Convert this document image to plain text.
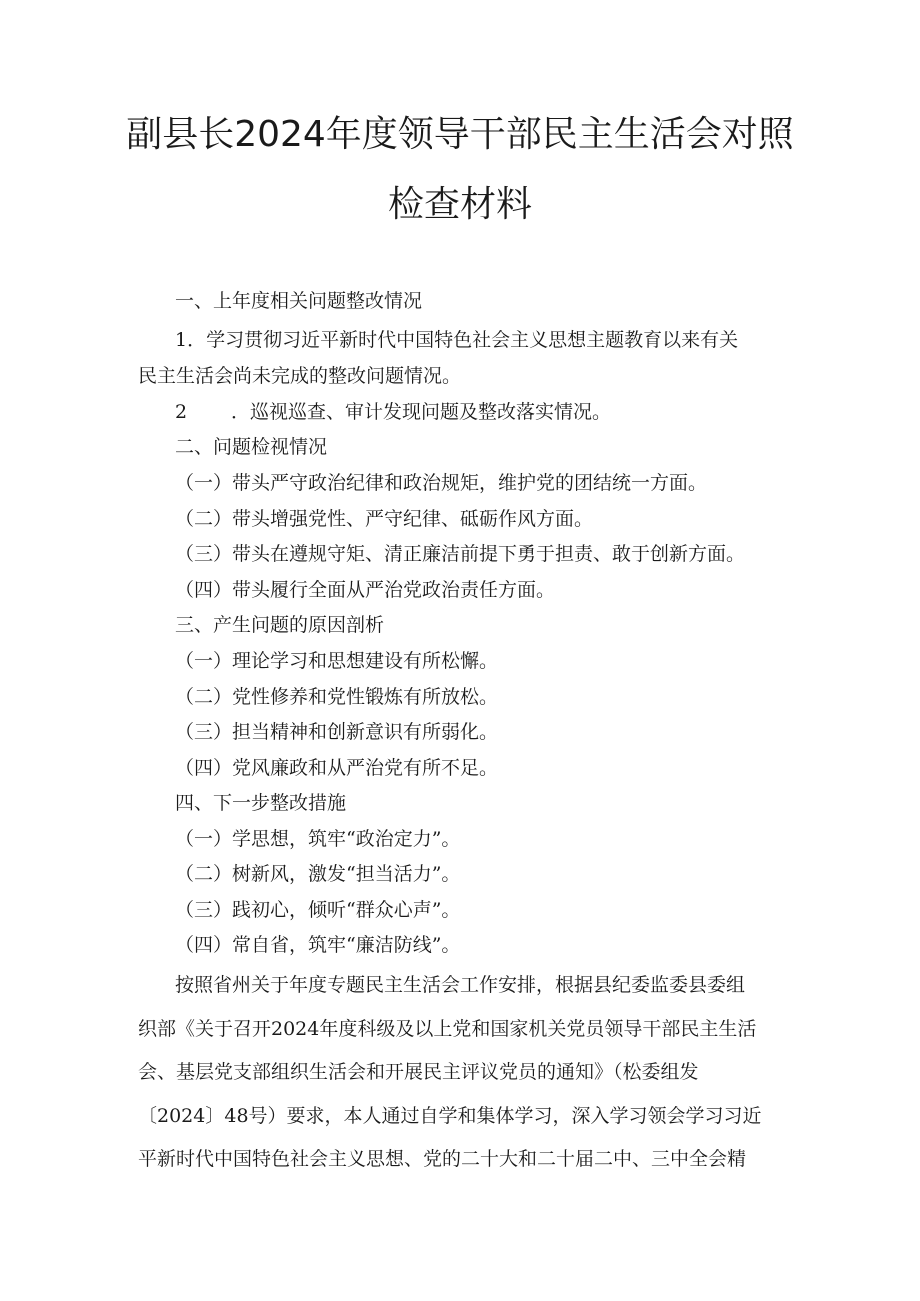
副县长2024年度领导干部民主生活会对照
检查材料
一、上年度相关问题整改情况
1．学习贯彻习近平新时代中国特色社会主义思想主题教育以来有关
民主生活会尚未完成的整改问题情况。
2 ．巡视巡查、审计发现问题及整改落实情况。
二、问题检视情况
（一）带头严守政治纪律和政治规矩，维护党的团结统一方面。
（二）带头增强党性、严守纪律、砥砺作风方面。
（三）带头在遵规守矩、清正廉洁前提下勇于担责、敢于创新方面。
（四）带头履行全面从严治党政治责任方面。
三、产生问题的原因剖析
（一）理论学习和思想建设有所松懈。
（二）党性修养和党性锻炼有所放松。
（三）担当精神和创新意识有所弱化。
（四）党风廉政和从严治党有所不足。
四、下一步整改措施
（一）学思想，筑牢“政治定力”。
（二）树新风，激发“担当活力”。
（三）践初心，倾听“群众心声”。
（四）常自省，筑牢“廉洁防线”。
按照省州关于年度专题民主生活会工作安排，根据县纪委监委县委组
织部《关于召开2024年度科级及以上党和国家机关党员领导干部民主生活
会、基层党支部组织生活会和开展民主评议党员的通知》（松委组发
〔2024〕48号）要求，本人通过自学和集体学习，深入学习领会学习习近
平新时代中国特色社会主义思想、党的二十大和二十届二中、三中全会精
